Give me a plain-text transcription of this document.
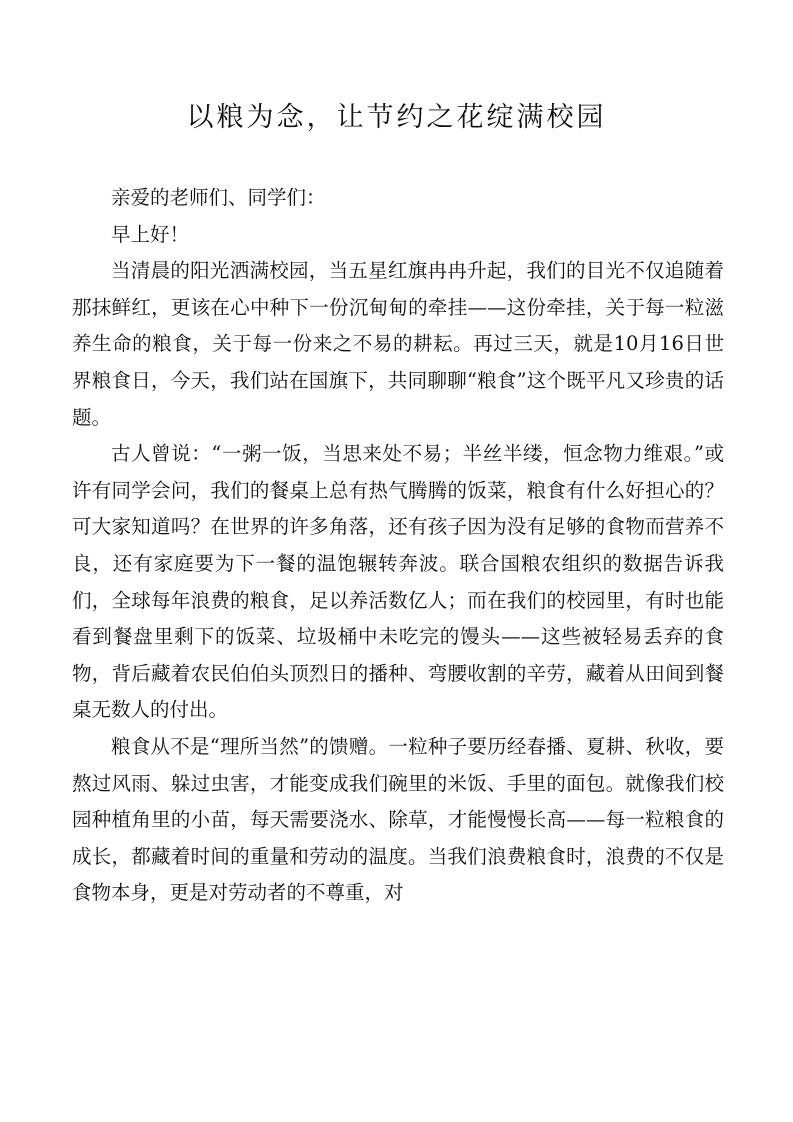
以粮为念，让节约之花绽满校园

亲爱的老师们、同学们：

早上好！

当清晨的阳光洒满校园，当五星红旗冉冉升起，我们的目光不仅追随着那抹鲜红，更该在心中种下一份沉甸甸的牵挂——这份牵挂，关于每一粒滋养生命的粮食，关于每一份来之不易的耕耘。再过三天，就是10月16日世界粮食日，今天，我们站在国旗下，共同聊聊“粮食”这个既平凡又珍贵的话题。

古人曾说：“一粥一饭，当思来处不易；半丝半缕，恒念物力维艰。”或许有同学会问，我们的餐桌上总有热气腾腾的饭菜，粮食有什么好担心的？可大家知道吗？在世界的许多角落，还有孩子因为没有足够的食物而营养不良，还有家庭要为下一餐的温饱辗转奔波。联合国粮农组织的数据告诉我们，全球每年浪费的粮食，足以养活数亿人；而在我们的校园里，有时也能看到餐盘里剩下的饭菜、垃圾桶中未吃完的馒头——这些被轻易丢弃的食物，背后藏着农民伯伯头顶烈日的播种、弯腰收割的辛劳，藏着从田间到餐桌无数人的付出。

粮食从不是“理所当然”的馈赠。一粒种子要历经春播、夏耕、秋收，要熬过风雨、躲过虫害，才能变成我们碗里的米饭、手里的面包。就像我们校园种植角里的小苗，每天需要浇水、除草，才能慢慢长高——每一粒粮食的成长，都藏着时间的重量和劳动的温度。当我们浪费粮食时，浪费的不仅是食物本身，更是对劳动者的不尊重，对
